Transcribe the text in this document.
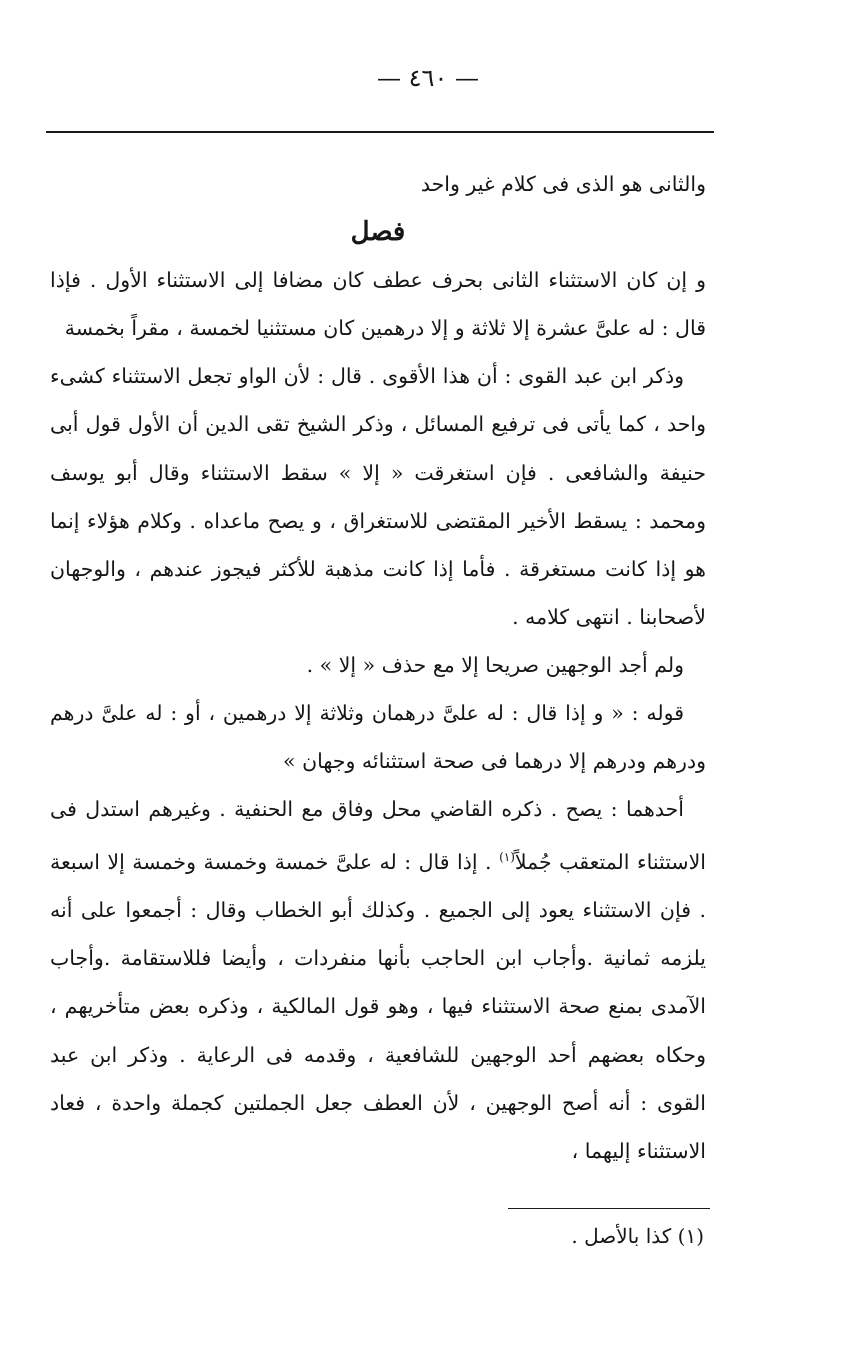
— ٤٦٠ —

والثانى هو الذى فى كلام غير واحد

فصل

و إن كان الاستثناء الثانى بحرف عطف كان مضافا إلى الاستثناء الأول . فإذا قال : له علىَّ عشرة إلا ثلاثة و إلا درهمين كان مستثنيا لخمسة ، مقراً بخمسة

وذكر ابن عبد القوى : أن هذا الأقوى . قال : لأن الواو تجعل الاستثناء كشىء واحد ، كما يأتى فى ترفيع المسائل ، وذكر الشيخ تقى الدين أن الأول قول أبى حنيفة والشافعى . فإن استغرقت « إلا » سقط الاستثناء وقال أبو يوسف ومحمد : يسقط الأخير المقتضى للاستغراق ، و يصح ماعداه . وكلام هؤلاء إنما هو إذا كانت مستغرقة . فأما إذا كانت مذهبة للأكثر فيجوز عندهم ، والوجهان لأصحابنا . انتهى كلامه .

ولم أجد الوجهين صريحا إلا مع حذف « إلا » .

قوله : « و إذا قال : له علىَّ درهمان وثلاثة إلا درهمين ، أو : له علىَّ درهم ودرهم ودرهم إلا درهما فى صحة استثنائه وجهان »

أحدهما : يصح . ذكره القاضي محل وفاق مع الحنفية . وغيرهم استدل فى الاستثناء المتعقب جُملاً$^{(١)}$ . إذا قال : له علىَّ خمسة وخمسة وخمسة إلا اسبعة . فإن الاستثناء يعود إلى الجميع . وكذلك أبو الخطاب وقال : أجمعوا على أنه يلزمه ثمانية .وأجاب ابن الحاجب بأنها منفردات ، وأيضا فللاستقامة .وأجاب الآمدى بمنع صحة الاستثناء فيها ، وهو قول المالكية ، وذكره بعض متأخريهم ، وحكاه بعضهم أحد الوجهين للشافعية ، وقدمه فى الرعاية . وذكر ابن عبد القوى : أنه أصح الوجهين ، لأن العطف جعل الجملتين كجملة واحدة ، فعاد الاستثناء إليهما ،

(١) كذا بالأصل .
